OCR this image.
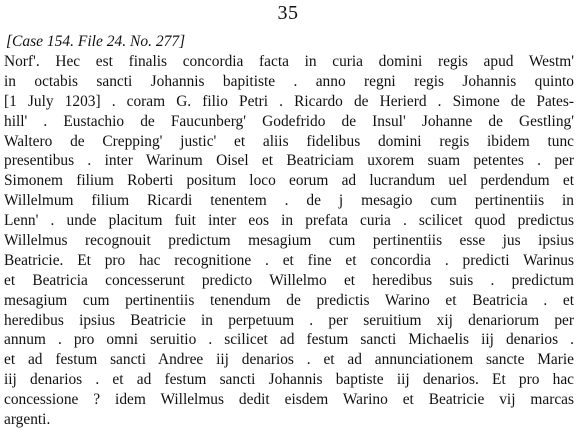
35
[Case 154. File 24. No. 277]
Norf'. Hec est finalis concordia facta in curia domini regis apud Westm'
in octabis sancti Johannis bapitiste . anno regni regis Johannis quinto
[1 July 1203] . coram G. filio Petri . Ricardo de Herierd . Simone de Pates-
hill' . Eustachio de Faucunberg' Godefrido de Insul' Johanne de Gestling'
Waltero de Crepping' justic' et aliis fidelibus domini regis ibidem tunc
presentibus . inter Warinum Oisel et Beatriciam uxorem suam petentes . per
Simonem filium Roberti positum loco eorum ad lucrandum uel perdendum et
Willelmum filium Ricardi tenentem . de j mesagio cum pertinentiis in
Lenn' . unde placitum fuit inter eos in prefata curia . scilicet quod predictus
Willelmus recognouit predictum mesagium cum pertinentiis esse jus ipsius
Beatricie. Et pro hac recognitione . et fine et concordia . predicti Warinus
et Beatricia concesserunt predicto Willelmo et heredibus suis . predictum
mesagium cum pertinentiis tenendum de predictis Warino et Beatricia . et
heredibus ipsius Beatricie in perpetuum . per seruitium xij denariorum per
annum . pro omni seruitio . scilicet ad festum sancti Michaelis iij denarios .
et ad festum sancti Andree iij denarios . et ad annunciationem sancte Marie
iij denarios . et ad festum sancti Johannis baptiste iij denarios. Et pro hac
concessione ? idem Willelmus dedit eisdem Warino et Beatricie vij marcas
argenti.
